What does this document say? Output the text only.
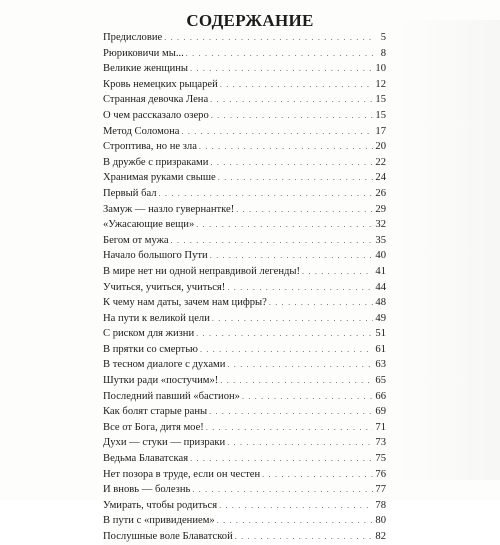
СОДЕРЖАНИЕ
Предисловие . . .	5
Рюриковичи мы... . . .	8
Великие женщины . . .	10
Кровь немецких рыцарей . . .	12
Странная девочка Лена . . .	15
О чем рассказало озеро . . .	15
Метод Соломона . . .	17
Строптива, но не зла . . .	20
В дружбе с призраками . . .	22
Хранимая руками свыше . . .	24
Первый бал . . .	26
Замуж — назло гувернантке! . . .	29
«Ужасающие вещи» . . .	32
Бегом от мужа . . .	35
Начало большого Пути . . .	40
В мире нет ни одной неправдивой легенды! . . .	41
Учиться, учиться, учиться! . . .	44
К чему нам даты, зачем нам цифры? . . .	48
На пути к великой цели . . .	49
С риском для жизни . . .	51
В прятки со смертью . . .	61
В тесном диалоге с духами . . .	63
Шутки ради «постучим»! . . .	65
Последний павший «бастион» . . .	66
Как болят старые раны . . .	69
Все от Бога, дитя мое! . . .	71
Духи — стуки — призраки . . .	73
Ведьма Блаватская . . .	75
Нет позора в труде, если он честен . . .	76
И вновь — болезнь . . .	77
Умирать, чтобы родиться . . .	78
В пути с «привидением» . . .	80
Послушные воле Блаватской . . .	82
